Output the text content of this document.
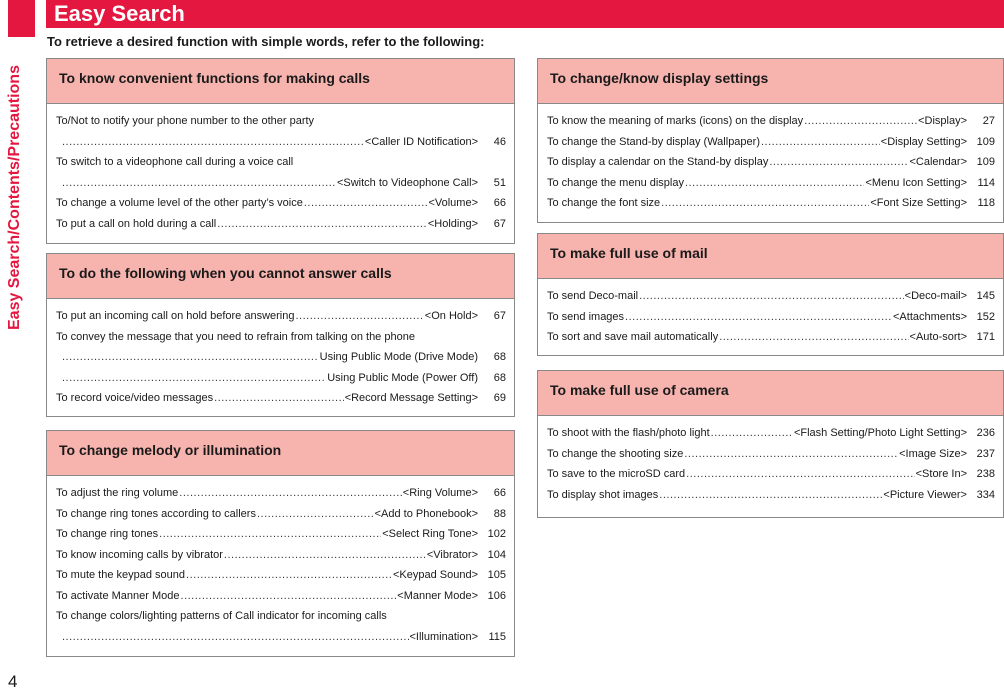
Easy Search/Contents/Precautions
Easy Search
To retrieve a desired function with simple words, refer to the following:
To know convenient functions for making calls
To/Not to notify your phone number to the other party
.....
<Caller ID Notification>	46
To switch to a videophone call during a voice call
.....
<Switch to Videophone Call>	51
To change a volume level of the other party’s voice .....	<Volume>	66
To put a call on hold during a call .....	<Holding>	67
To do the following when you cannot answer calls
To put an incoming call on hold before answering .....	<On Hold>	67
To convey the message that you need to refrain from talking on the phone
.....
Using Public Mode (Drive Mode)	68
.....
Using Public Mode (Power Off)	68
To record voice/video messages .....	<Record Message Setting>	69
To change melody or illumination
To adjust the ring volume .....	<Ring Volume>	66
To change ring tones according to callers .....	<Add to Phonebook>	88
To change ring tones .....	<Select Ring Tone> 102
To know incoming calls by vibrator .....	<Vibrator> 104
To mute the keypad sound .....	<Keypad Sound> 105
To activate Manner Mode .....	<Manner Mode> 106
To change colors/lighting patterns of Call indicator for incoming calls
.....
<Illumination> 115
To change/know display settings
To know the meaning of marks (icons) on the display .....	<Display>	27
To change the Stand-by display (Wallpaper) .....	<Display Setting> 109
To display a calendar on the Stand-by display .....	<Calendar> 109
To change the menu display .....	<Menu Icon Setting> 114
To change the font size .....	<Font Size Setting> 118
To make full use of mail
To send Deco-mail .....	<Deco-mail> 145
To send images .....	<Attachments> 152
To sort and save mail automatically .....	<Auto-sort> 171
To make full use of camera
To shoot with the flash/photo light .....	<Flash Setting/Photo Light Setting> 236
To change the shooting size .....	<Image Size> 237
To save to the microSD card .....	<Store In> 238
To display shot images .....	<Picture Viewer> 334
4
